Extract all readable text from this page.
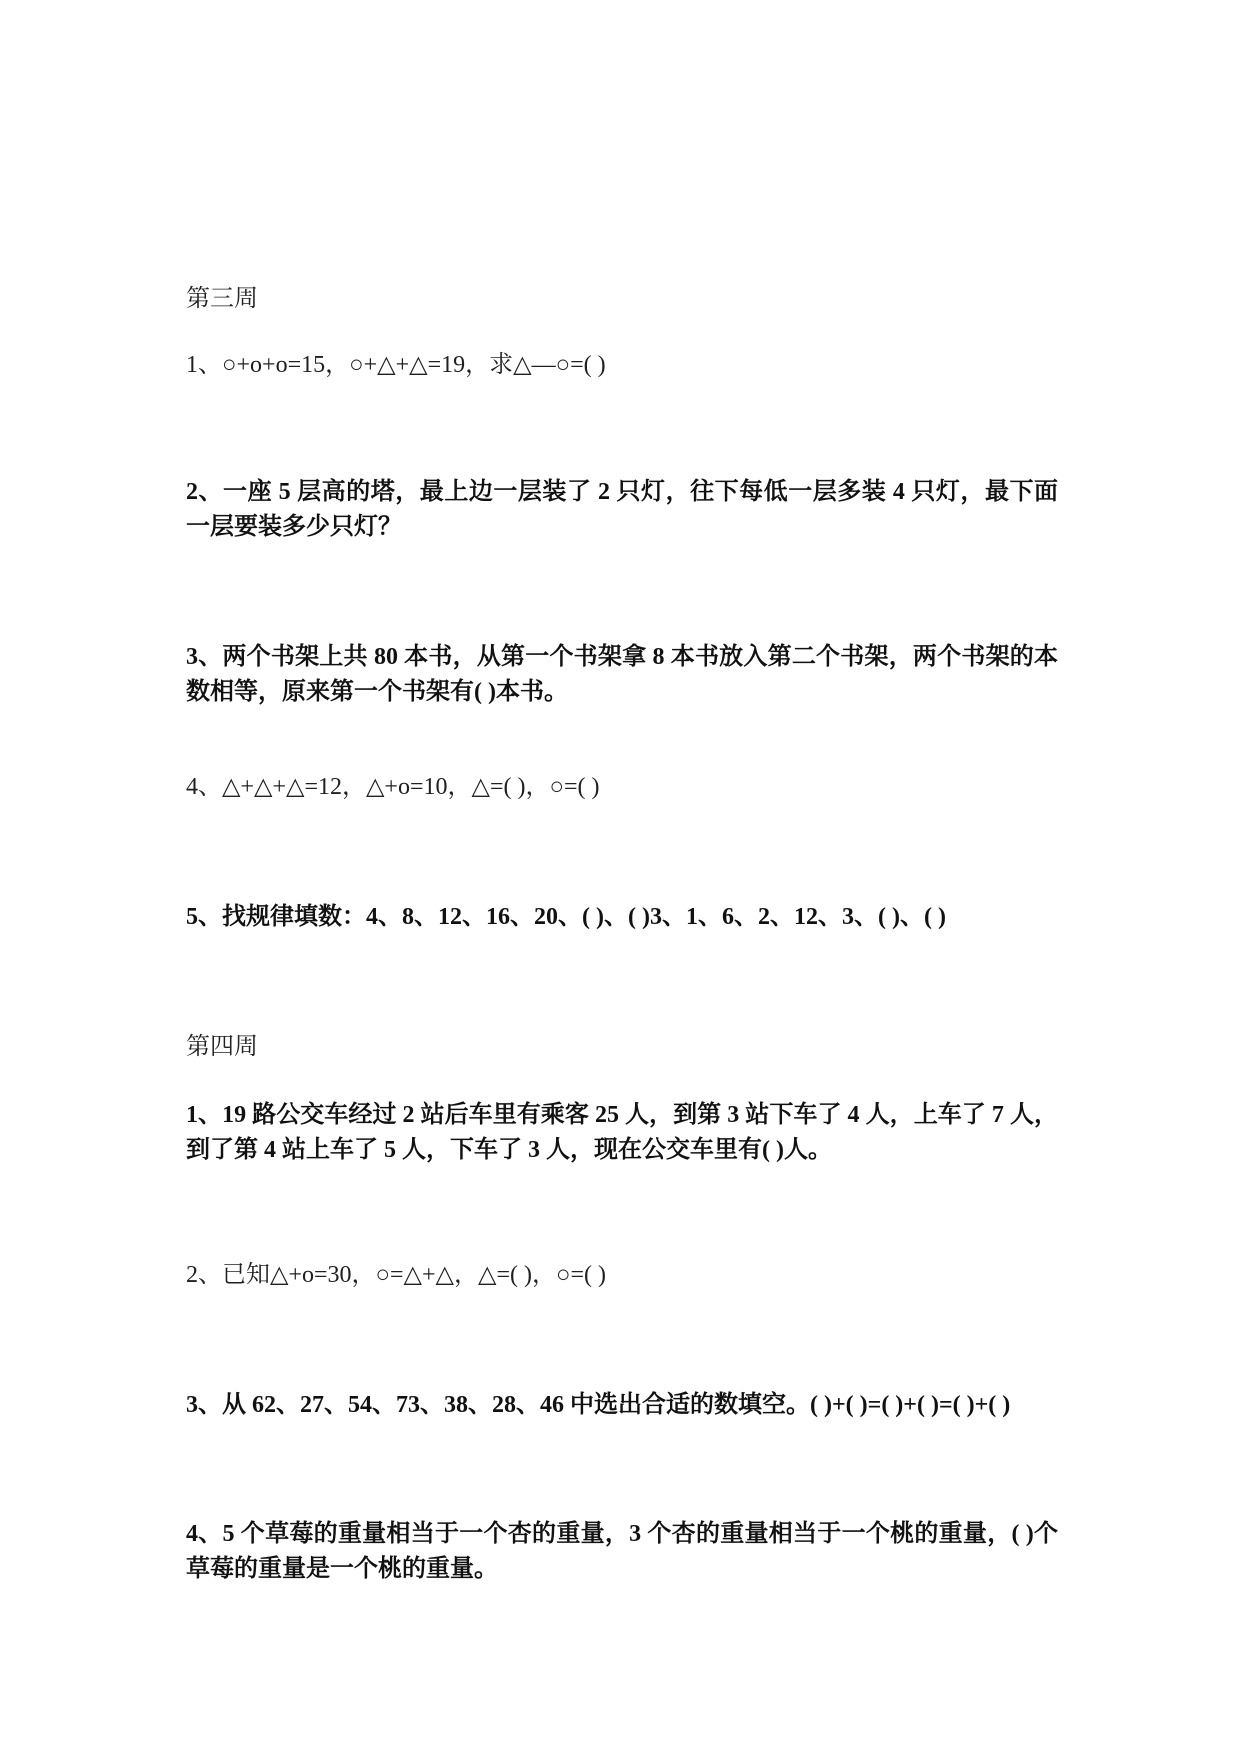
第三周
1、○+o+o=15，○+△+△=19，求△—○=( )
2、一座 5 层高的塔，最上边一层装了 2 只灯，往下每低一层多装 4 只灯，最下面一层要装多少只灯？
3、两个书架上共 80 本书，从第一个书架拿 8 本书放入第二个书架，两个书架的本数相等，原来第一个书架有( )本书。
4、△+△+△=12，△+o=10，△=( )，○=( )
5、找规律填数：4、8、12、16、20、( )、( )3、1、6、2、12、3、( )、( )
第四周
1、19 路公交车经过 2 站后车里有乘客 25 人，到第 3 站下车了 4 人，上车了 7 人，到了第 4 站上车了 5 人，下车了 3 人，现在公交车里有( )人。
2、已知△+o=30，○=△+△，△=( )，○=( )
3、从 62、27、54、73、38、28、46 中选出合适的数填空。( )+( )=( )+( )=( )+( )
4、5 个草莓的重量相当于一个杏的重量，3 个杏的重量相当于一个桃的重量，( )个草莓的重量是一个桃的重量。
